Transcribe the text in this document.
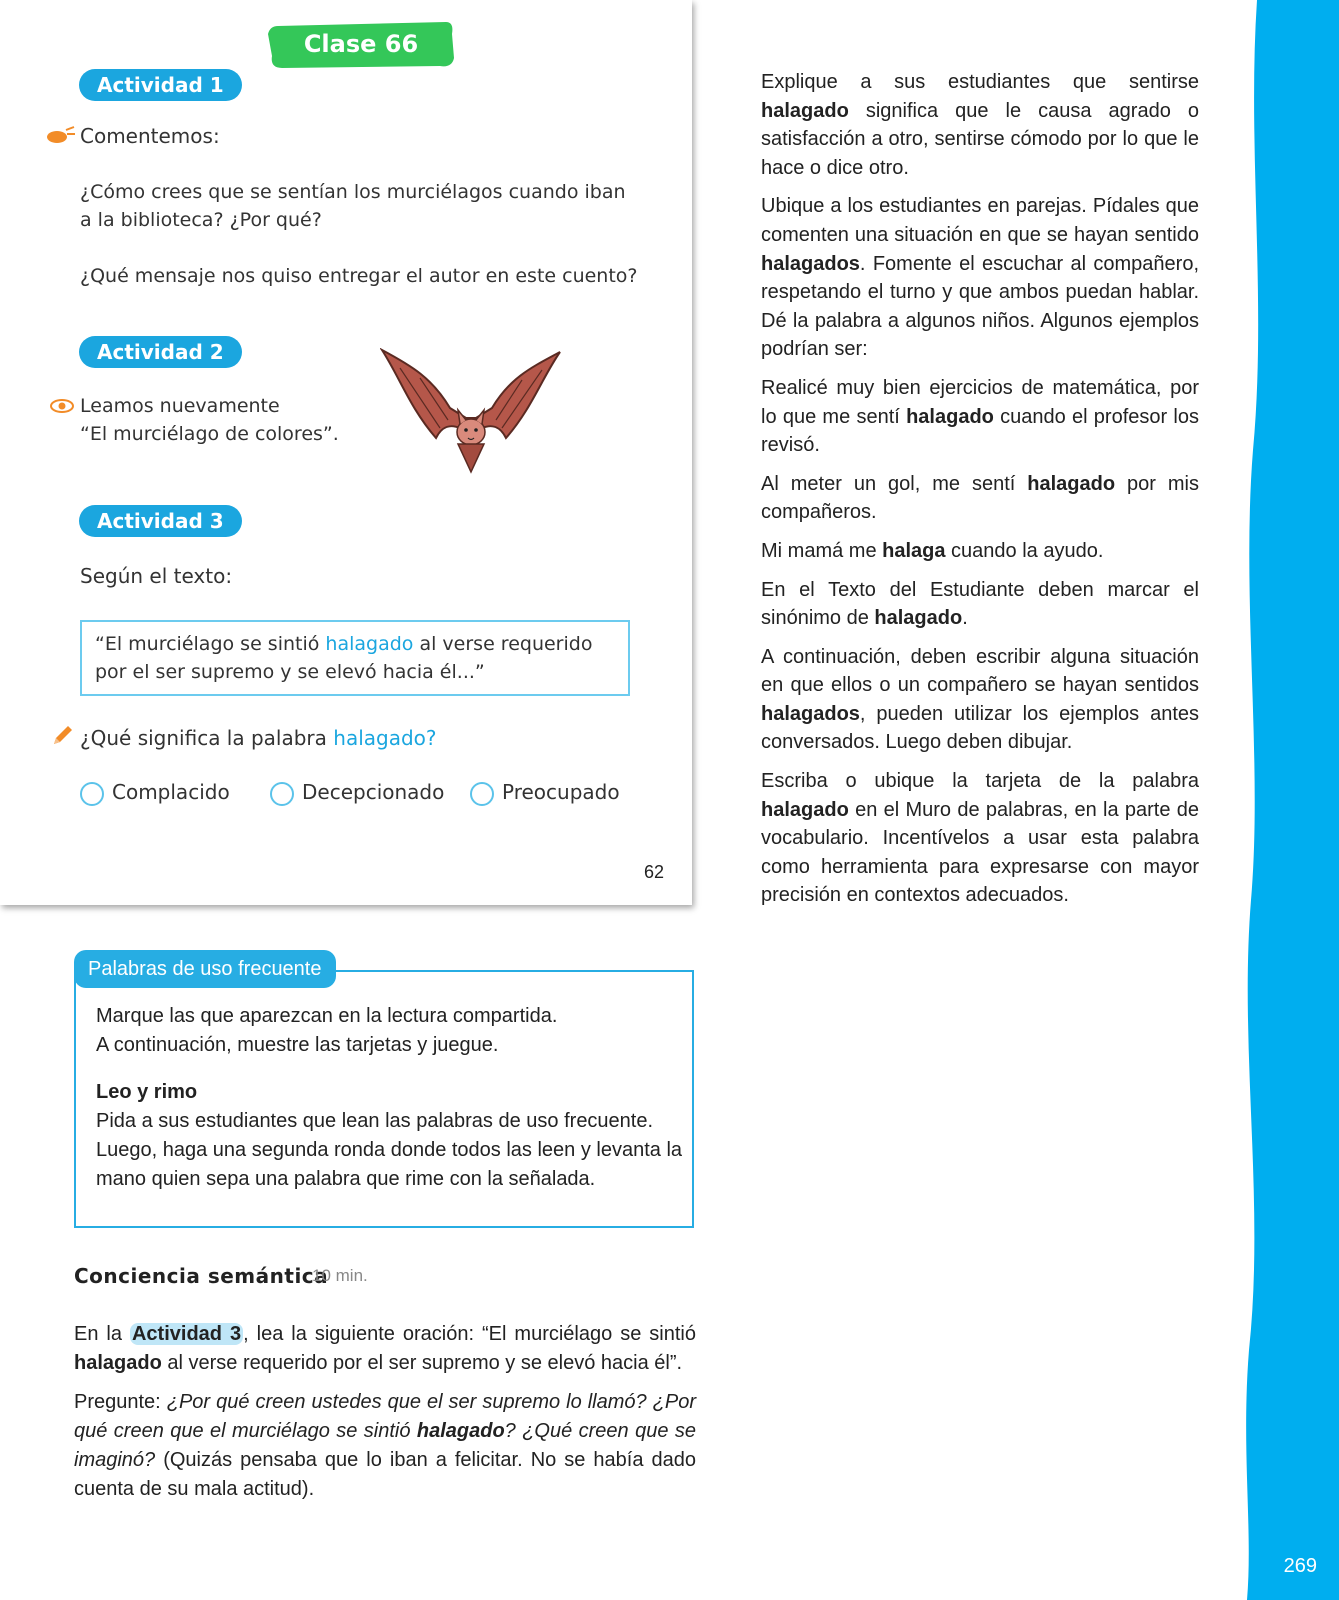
269
Clase 66
Actividad 1
Comentemos:
¿Cómo crees que se sentían los murciélagos cuando iban
a la biblioteca? ¿Por qué?
¿Qué mensaje nos quiso entregar el autor en este cuento?
Actividad 2
Leamos nuevamente
“El murciélago de colores”.
Actividad 3
Según el texto:
“El murciélago se sintió halagado al verse requerido
por el ser supremo y se elevó hacia él...”
¿Qué significa la palabra halagado?
Complacido	Decepcionado	Preocupado
62

Explique a sus estudiantes que sentirse halagado significa que le causa agrado o satisfacción a otro, sentirse cómodo por lo que le hace o dice otro.

Ubique a los estudiantes en parejas. Pídales que comenten una situación en que se hayan sentido halagados. Fomente el escuchar al compañero, respetando el turno y que ambos puedan hablar. Dé la palabra a algunos niños. Algunos ejemplos podrían ser:

Realicé muy bien ejercicios de matemática, por lo que me sentí halagado cuando el profesor los revisó.

Al meter un gol, me sentí halagado por mis compañeros.

Mi mamá me halaga cuando la ayudo.

En el Texto del Estudiante deben marcar el sinónimo de halagado.

A continuación, deben escribir alguna situación en que ellos o un compañero se hayan sentidos halagados, pueden utilizar los ejemplos antes conversados. Luego deben dibujar.

Escriba o ubique la tarjeta de la palabra halagado en el Muro de palabras, en la parte de vocabulario. Incentívelos a usar esta palabra como herramienta para expresarse con mayor precisión en contextos adecuados.

Palabras de uso frecuente

Marque las que aparezcan en la lectura compartida.

A continuación, muestre las tarjetas y juegue.

Leo y rimo

Pida a sus estudiantes que lean las palabras de uso frecuente. Luego, haga una segunda ronda donde todos las leen y levanta la mano quien sepa una palabra que rime con la señalada.

Conciencia semántica
10 min.

En la Actividad 3 , lea la siguiente oración: “El murciélago se sintió halagado al verse requerido por el ser supremo y se elevó hacia él”.

Pregunte: ¿Por qué creen ustedes que el ser supremo lo llamó? ¿Por qué creen que el murciélago se sintió halagado? ¿Qué creen que se imaginó? (Quizás pensaba que lo iban a felicitar. No se había dado cuenta de su mala actitud).
